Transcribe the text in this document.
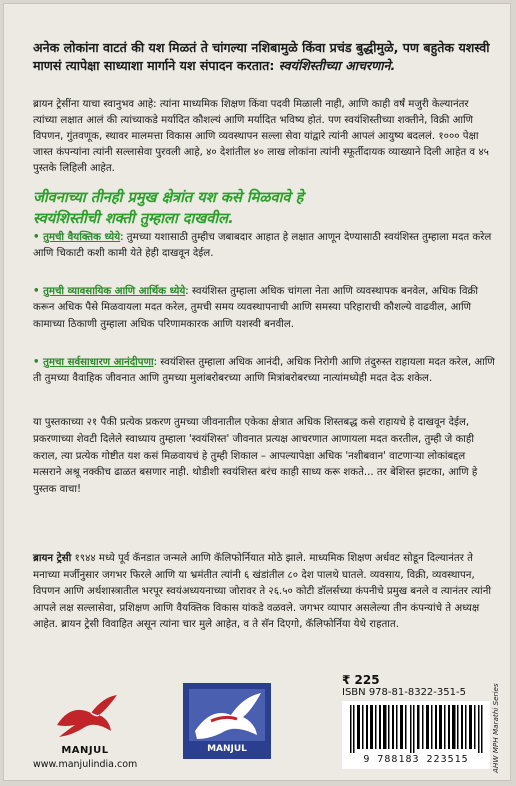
अनेक लोकांना वाटतं की यश मिळतं ते चांगल्या नशिबामुळे किंवा प्रचंड बुद्धीमुळे, पण बहुतेक यशस्वी माणसं त्यापेक्षा साध्याशा मार्गाने यश संपादन करतात: स्वयंशिस्तीच्या आचरणाने.
ब्रायन ट्रेसींना याचा स्वानुभव आहे: त्यांना माध्यमिक शिक्षण किंवा पदवी मिळाली नाही, आणि काही वर्षं मजुरी केल्यानंतर त्यांच्या लक्षात आलं की त्यांच्याकडे मर्यादित कौशल्यं आणि मर्यादित भविष्य होतं. पण स्वयंशिस्तीच्या शक्तीने, विक्री आणि विपणन, गुंतवणूक, स्थावर मालमत्ता विकास आणि व्यवस्थापन सल्ला सेवा यांद्वारे त्यांनी आपलं आयुष्य बदललं. १००० पेक्षा जास्त कंपन्यांना त्यांनी सल्लासेवा पुरवली आहे, ४० देशांतील ४० लाख लोकांना त्यांनी स्फूर्तीदायक व्याख्याने दिली आहेत व ४५ पुस्तके लिहिली आहेत.
जीवनाच्या तीनही प्रमुख क्षेत्रांत यश कसे मिळवावे हे
स्वयंशिस्तीची शक्ती तुम्हाला दाखवील.
• तुमची वैयक्तिक ध्येये: तुमच्या यशासाठी तुम्हीच जबाबदार आहात हे लक्षात आणून देण्यासाठी स्वयंशिस्त तुम्हाला मदत करेल आणि चिकाटी कशी कामी येते हेही दाखवून देईल.
• तुमची व्यावसायिक आणि आर्थिक ध्येये: स्वयंशिस्त तुम्हाला अधिक चांगला नेता आणि व्यवस्थापक बनवेल, अधिक विक्री करून अधिक पैसे मिळवायला मदत करेल, तुमची समय व्यवस्थापनाची आणि समस्या परिहाराची कौशल्ये वाढवील, आणि कामाच्या ठिकाणी तुम्हाला अधिक परिणामकारक आणि यशस्वी बनवील.
• तुमचा सर्वसाधारण आनंदीपणा: स्वयंशिस्त तुम्हाला अधिक आनंदी, अधिक निरोगी आणि तंदुरुस्त राहायला मदत करेल, आणि ती तुमच्या वैवाहिक जीवनात आणि तुमच्या मुलांबरोबरच्या आणि मित्रांबरोबरच्या नात्यांमध्येही मदत देऊ शकेल.
या पुस्तकाच्या २१ पैकी प्रत्येक प्रकरण तुमच्या जीवनातील एकेका क्षेत्रात अधिक शिस्तबद्ध कसे राहायचे हे दाखवून देईल, प्रकरणाच्या शेवटी दिलेले स्वाध्याय तुम्हाला 'स्वयंशिस्त' जीवनात प्रत्यक्ष आचरणात आणायला मदत करतील, तुम्ही जे काही कराल, त्या प्रत्येक गोष्टीत यश कसं मिळवायचं हे तुम्ही शिकाल – आपल्यापेक्षा अधिक 'नशीबवान' वाटणाऱ्या लोकांबद्दल मत्सराने अश्रू नक्कीच ढाळत बसणार नाही. थोडीशी स्वयंशिस्त बरंच काही साध्य करू शकते... तर बेशिस्त झटका, आणि हे पुस्तक वाचा!
ब्रायन ट्रेसी १९४४ मध्ये पूर्व कॅनडात जन्मले आणि कॅलिफोर्नियात मोठे झाले. माध्यमिक शिक्षण अर्धवट सोडून दिल्यानंतर ते मनाच्या मर्जीनुसार जगभर फिरले आणि या भ्रमंतीत त्यांनी ६ खंडांतील ८० देश पालथे घातले. व्यवसाय, विक्री, व्यवस्थापन, विपणन आणि अर्थशास्त्रातील भरपूर स्वयंअध्ययनाच्या जोरावर ते २६.५० कोटी डॉलर्सच्या कंपनीचे प्रमुख बनले व त्यानंतर त्यांनी आपले लक्ष सल्लासेवा, प्रशिक्षण आणि वैयक्तिक विकास यांकडे वळवले. जगभर व्यापार असलेल्या तीन कंपन्यांचे ते अध्यक्ष आहेत. ब्रायन ट्रेसी विवाहित असून त्यांना चार मुले आहेत, व ते सॅन दिएगो, कॅलिफोर्निया येथे राहतात.
MANJUL
www.manjulindia.com
MANJUL
₹ 225
ISBN 978-81-8322-351-5
9 788183 223515	AHW MPH Marathi Series
